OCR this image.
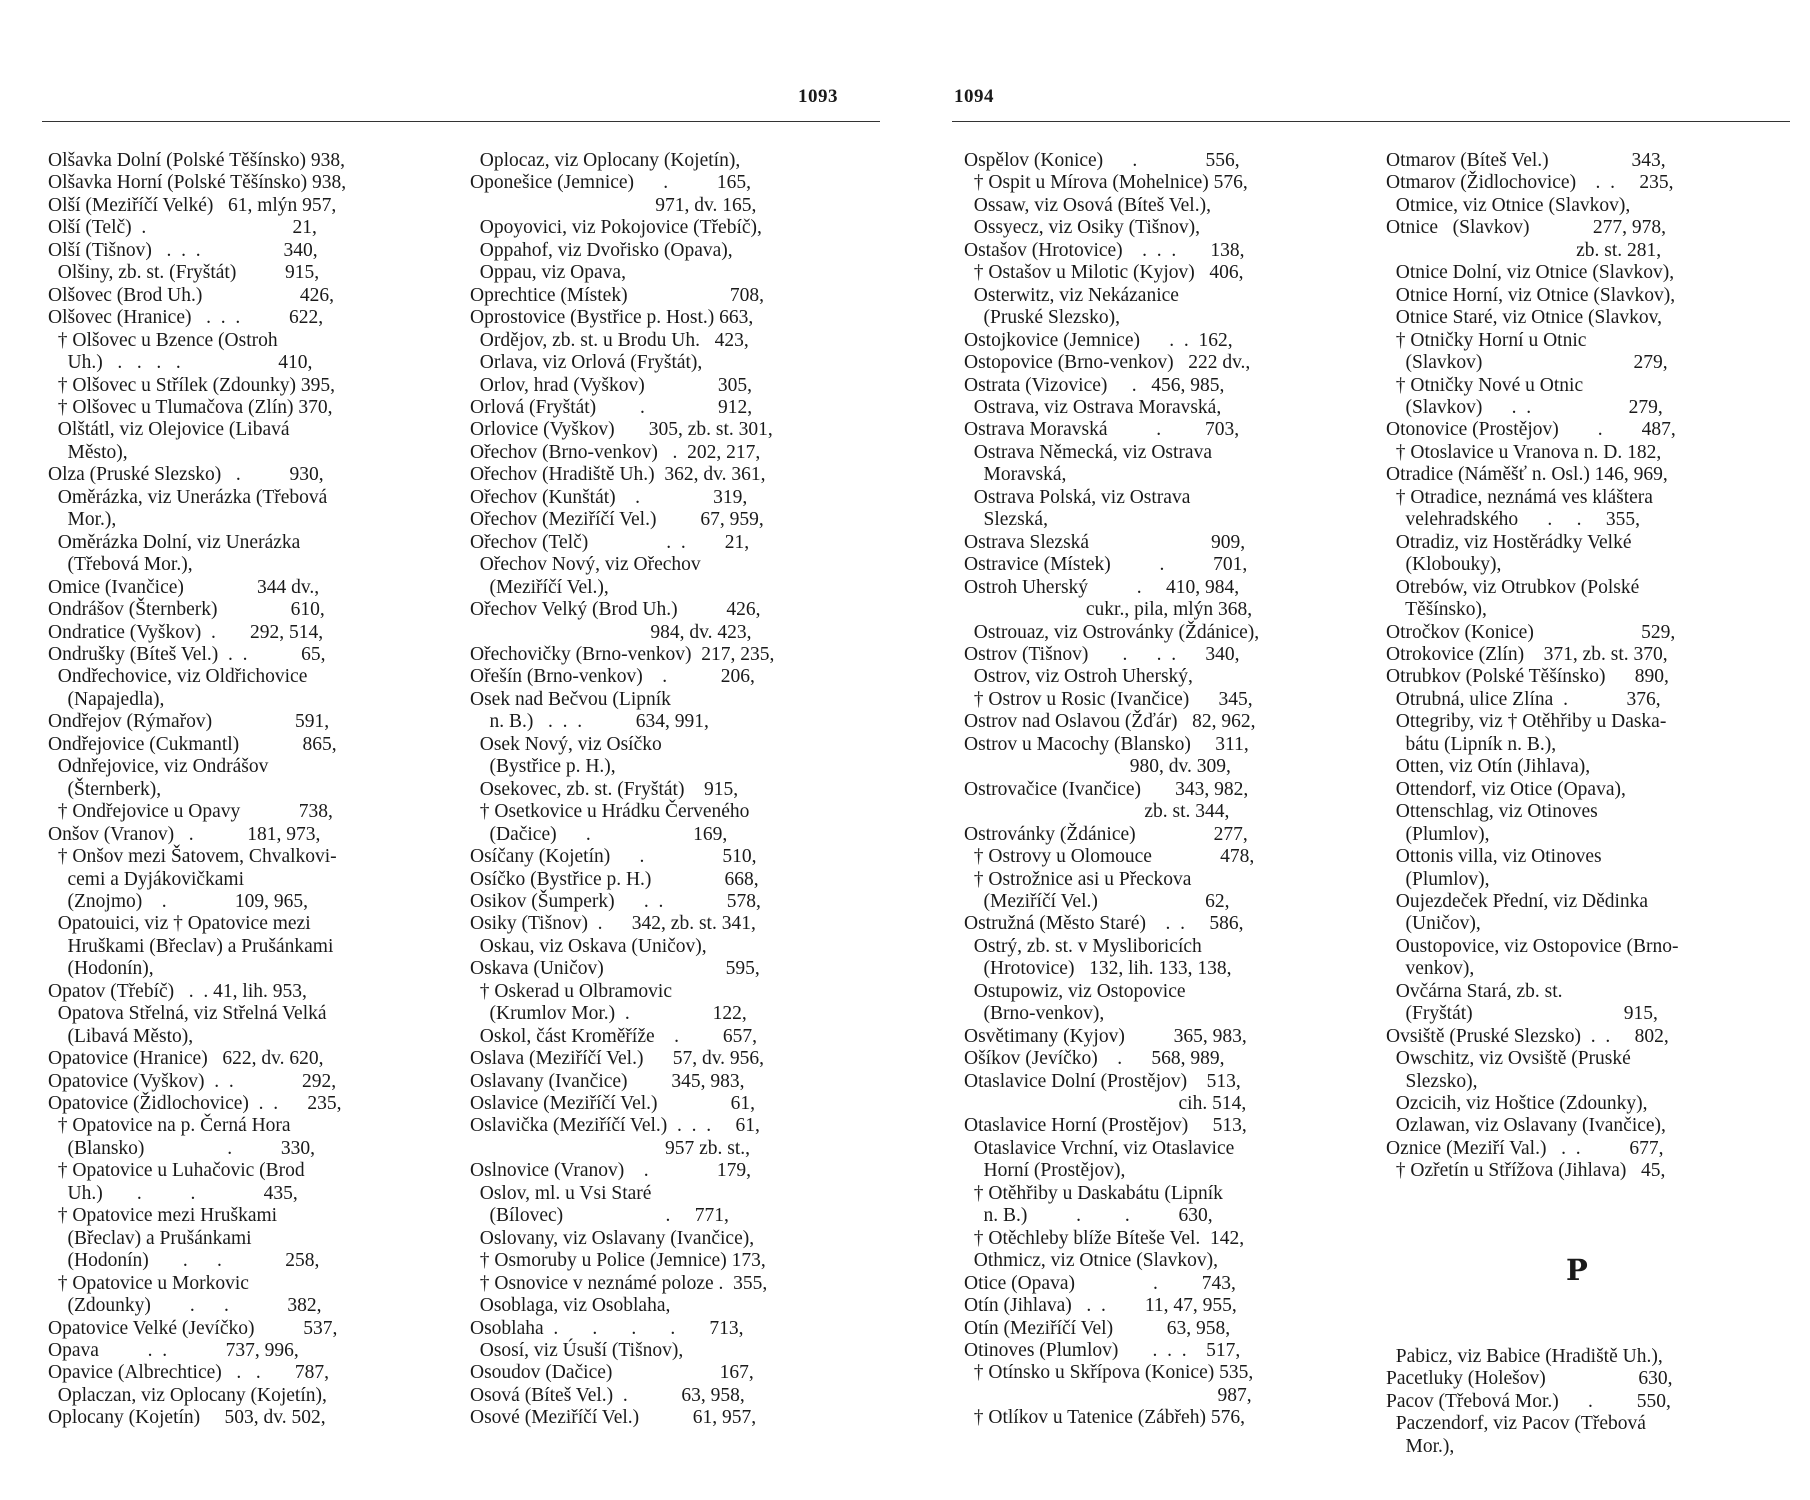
1093	1094
Olšavka Dolní (Polské Těšínsko) 938,
Olšavka Horní (Polské Těšínsko) 938,
Olší (Meziříčí Velké)   61, mlýn 957,
Olší (Telč)  .                              21,
Olší (Tišnov)   .  .  .                 340,
Olšiny, zb. st. (Fryštát)          915,
Olšovec (Brod Uh.)                    426,
Olšovec (Hranice)   .  .  .          622,
† Olšovec u Bzence (Ostroh
Uh.)   .   .   .   .                    410,
† Olšovec u Střílek (Zdounky) 395,
† Olšovec u Tlumačova (Zlín) 370,
Olštátl, viz Olejovice (Libavá
Město),
Olza (Pruské Slezsko)   .          930,
Oměrázka, viz Unerázka (Třebová
Mor.),
Oměrázka Dolní, viz Unerázka
(Třebová Mor.),
Omice (Ivančice)               344 dv.,
Ondrášov (Šternberk)               610,
Ondratice (Vyškov)  .       292, 514,
Ondrušky (Bíteš Vel.)  .  .           65,
Ondřechovice, viz Oldřichovice
(Napajedla),
Ondřejov (Rýmařov)                 591,
Ondřejovice (Cukmantl)             865,
Odnřejovice, viz Ondrášov
(Šternberk),
† Ondřejovice u Opavy            738,
Onšov (Vranov)   .           181, 973,
† Onšov mezi Šatovem, Chvalkovi-
cemi a Dyjákovičkami
(Znojmo)    .              109, 965,
Opatouici, viz † Opatovice mezi
Hruškami (Břeclav) a Prušánkami
(Hodonín),
Opatov (Třebíč)   .  . 41, lih. 953,
Opatova Střelná, viz Střelná Velká
(Libavá Město),
Opatovice (Hranice)   622, dv. 620,
Opatovice (Vyškov)  .  .              292,
Opatovice (Židlochovice)  .  .      235,
† Opatovice na p. Černá Hora
(Blansko)                 .          330,
† Opatovice u Luhačovic (Brod
Uh.)       .          .              435,
† Opatovice mezi Hruškami
(Břeclav) a Prušánkami
(Hodonín)       .      .             258,
† Opatovice u Morkovic
(Zdounky)        .      .            382,
Opatovice Velké (Jevíčko)          537,
Opava          .  .            737, 996,
Opavice (Albrechtice)   .   .       787,
Oplaczan, viz Oplocany (Kojetín),
Oplocany (Kojetín)     503, dv. 502,
Oplocaz, viz Oplocany (Kojetín),
Oponešice (Jemnice)      .          165,
971, dv. 165,
Opoyovici, viz Pokojovice (Třebíč),
Oppahof, viz Dvořisko (Opava),
Oppau, viz Opava,
Oprechtice (Místek)                     708,
Oprostovice (Bystřice p. Host.) 663,
Ordějov, zb. st. u Brodu Uh.   423,
Orlava, viz Orlová (Fryštát),
Orlov, hrad (Vyškov)               305,
Orlová (Fryštát)         .               912,
Orlovice (Vyškov)       305, zb. st. 301,
Ořechov (Brno-venkov)   .  202, 217,
Ořechov (Hradiště Uh.)  362, dv. 361,
Ořechov (Kunštát)    .               319,
Ořechov (Meziříčí Vel.)         67, 959,
Ořechov (Telč)                .  .        21,
Ořechov Nový, viz Ořechov
(Meziříčí Vel.),
Ořechov Velký (Brod Uh.)          426,
984, dv. 423,
Ořechovičky (Brno-venkov)  217, 235,
Ořešín (Brno-venkov)    .           206,
Osek nad Bečvou (Lipník
n. B.)   .  .  .           634, 991,
Osek Nový, viz Osíčko
(Bystřice p. H.),
Osekovec, zb. st. (Fryštát)    915,
† Osetkovice u Hrádku Červeného
(Dačice)      .                     169,
Osíčany (Kojetín)      .                510,
Osíčko (Bystřice p. H.)               668,
Osikov (Šumperk)      .  .             578,
Osiky (Tišnov)  .      342, zb. st. 341,
Oskau, viz Oskava (Uničov),
Oskava (Uničov)                         595,
† Oskerad u Olbramovic
(Krumlov Mor.)  .                 122,
Oskol, část Kroměříže    .         657,
Oslava (Meziříčí Vel.)      57, dv. 956,
Oslavany (Ivančice)         345, 983,
Oslavice (Meziříčí Vel.)               61,
Oslavička (Meziříčí Vel.)  .  .  .     61,
957 zb. st.,
Oslnovice (Vranov)    .              179,
Oslov, ml. u Vsi Staré
(Bílovec)                     .     771,
Oslovany, viz Oslavany (Ivančice),
† Osmoruby u Police (Jemnice) 173,
† Osnovice v neznámé poloze .  355,
Osoblaga, viz Osoblaha,
Osoblaha  .       .       .       .       713,
Ososí, viz Úsuší (Tišnov),
Osoudov (Dačice)                      167,
Osová (Bíteš Vel.)  .           63, 958,
Osové (Meziříčí Vel.)           61, 957,
Ospělov (Konice)      .              556,
† Ospit u Mírova (Mohelnice) 576,
Ossaw, viz Osová (Bíteš Vel.),
Ossyecz, viz Osiky (Tišnov),
Ostašov (Hrotovice)    .  .  .       138,
† Ostašov u Milotic (Kyjov)   406,
Osterwitz, viz Nekázanice
(Pruské Slezsko),
Ostojkovice (Jemnice)      .  .  162,
Ostopovice (Brno-venkov)   222 dv.,
Ostrata (Vizovice)     .   456, 985,
Ostrava, viz Ostrava Moravská,
Ostrava Moravská          .         703,
Ostrava Německá, viz Ostrava
Moravská,
Ostrava Polská, viz Ostrava
Slezská,
Ostrava Slezská                         909,
Ostravice (Místek)          .          701,
Ostroh Uherský          .     410, 984,
cukr., pila, mlýn 368,
Ostrouaz, viz Ostrovánky (Ždánice),
Ostrov (Tišnov)       .      .  .      340,
Ostrov, viz Ostroh Uherský,
† Ostrov u Rosic (Ivančice)      345,
Ostrov nad Oslavou (Žďár)   82, 962,
Ostrov u Macochy (Blansko)     311,
980, dv. 309,
Ostrovačice (Ivančice)       343, 982,
zb. st. 344,
Ostrovánky (Ždánice)                277,
† Ostrovy u Olomouce              478,
† Ostrožnice asi u Přeckova
(Meziříčí Vel.)                      62,
Ostružná (Město Staré)    .  .     586,
Ostrý, zb. st. v Mysliboricích
(Hrotovice)   132, lih. 133, 138,
Ostupowiz, viz Ostopovice
(Brno-venkov),
Osvětimany (Kyjov)          365, 983,
Ošíkov (Jevíčko)    .      568, 989,
Otaslavice Dolní (Prostějov)    513,
cih. 514,
Otaslavice Horní (Prostějov)     513,
Otaslavice Vrchní, viz Otaslavice
Horní (Prostějov),
† Otěhřiby u Daskabátu (Lipník
n. B.)          .         .          630,
† Otěchleby blíže Bíteše Vel.  142,
Othmicz, viz Otnice (Slavkov),
Otice (Opava)                .         743,
Otín (Jihlava)   .  .        11, 47, 955,
Otín (Meziříčí Vel)           63, 958,
Otinoves (Plumlov)       .  .  .    517,
† Otínsko u Skřípova (Konice) 535,
987,
† Otlíkov u Tatenice (Zábřeh) 576,
Otmarov (Bíteš Vel.)                 343,
Otmarov (Židlochovice)    .  .     235,
Otmice, viz Otnice (Slavkov),
Otnice   (Slavkov)             277, 978,
zb. st. 281,
Otnice Dolní, viz Otnice (Slavkov),
Otnice Horní, viz Otnice (Slavkov),
Otnice Staré, viz Otnice (Slavkov,
† Otničky Horní u Otnic
(Slavkov)                               279,
† Otničky Nové u Otnic
(Slavkov)      .  .                    279,
Otonovice (Prostějov)        .        487,
† Otoslavice u Vranova n. D. 182,
Otradice (Náměšť n. Osl.) 146, 969,
† Otradice, neznámá ves kláštera
velehradského      .     .     355,
Otradiz, viz Hostěrádky Velké
(Klobouky),
Otrebów, viz Otrubkov (Polské
Těšínsko),
Otročkov (Konice)                      529,
Otrokovice (Zlín)    371, zb. st. 370,
Otrubkov (Polské Těšínsko)      890,
Otrubná, ulice Zlína  .            376,
Ottegriby, viz † Otěhřiby u Daska-
bátu (Lipník n. B.),
Otten, viz Otín (Jihlava),
Ottendorf, viz Otice (Opava),
Ottenschlag, viz Otinoves
(Plumlov),
Ottonis villa, viz Otinoves
(Plumlov),
Oujezdeček Přední, viz Dědinka
(Uničov),
Oustopovice, viz Ostopovice (Brno-
venkov),
Ovčárna Stará, zb. st.
(Fryštát)                               915,
Ovsiště (Pruské Slezsko)  .  .     802,
Owschitz, viz Ovsiště (Pruské
Slezsko),
Ozcicih, viz Hoštice (Zdounky),
Ozlawan, viz Oslavany (Ivančice),
Oznice (Meziří Val.)   .  .          677,
† Ozřetín u Střížova (Jihlava)   45,
P
Pabicz, viz Babice (Hradiště Uh.),
Pacetluky (Holešov)                   630,
Pacov (Třebová Mor.)      .         550,
Paczendorf, viz Pacov (Třebová
Mor.),
